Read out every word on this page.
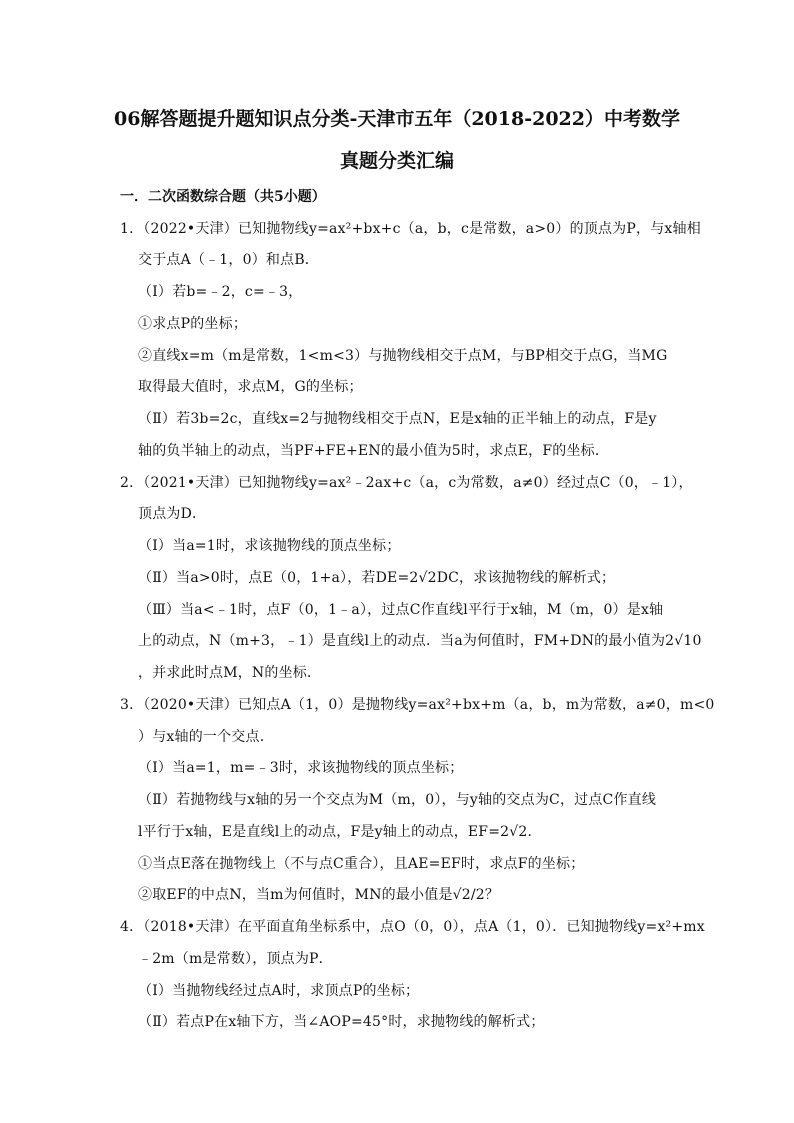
06解答题提升题知识点分类-天津市五年（2018-2022）中考数学
真题分类汇编
一．二次函数综合题（共5小题）
1．（2022•天津）已知抛物线y=ax²+bx+c（a，b，c是常数，a>0）的顶点为P，与x轴相
交于点A（﹣1，0）和点B．
（Ⅰ）若b=﹣2，c=﹣3，
①求点P的坐标；
②直线x=m（m是常数，1<m<3）与抛物线相交于点M，与BP相交于点G，当MG
取得最大值时，求点M，G的坐标；
（Ⅱ）若3b=2c，直线x=2与抛物线相交于点N，E是x轴的正半轴上的动点，F是y
轴的负半轴上的动点，当PF+FE+EN的最小值为5时，求点E，F的坐标．
2．（2021•天津）已知抛物线y=ax²﹣2ax+c（a，c为常数，a≠0）经过点C（0，﹣1），
顶点为D．
（Ⅰ）当a=1时，求该抛物线的顶点坐标；
（Ⅱ）当a>0时，点E（0，1+a），若DE=2√2DC，求该抛物线的解析式；
（Ⅲ）当a<﹣1时，点F（0，1﹣a），过点C作直线l平行于x轴，M（m，0）是x轴
上的动点，N（m+3，﹣1）是直线l上的动点．当a为何值时，FM+DN的最小值为2√10
，并求此时点M，N的坐标．
3．（2020•天津）已知点A（1，0）是抛物线y=ax²+bx+m（a，b，m为常数，a≠0，m<0
）与x轴的一个交点．
（Ⅰ）当a=1，m=﹣3时，求该抛物线的顶点坐标；
（Ⅱ）若抛物线与x轴的另一个交点为M（m，0），与y轴的交点为C，过点C作直线
l平行于x轴，E是直线l上的动点，F是y轴上的动点，EF=2√2．
①当点E落在抛物线上（不与点C重合），且AE=EF时，求点F的坐标；
②取EF的中点N，当m为何值时，MN的最小值是√2/2？
4．（2018•天津）在平面直角坐标系中，点O（0，0），点A（1，0）．已知抛物线y=x²+mx
﹣2m（m是常数），顶点为P．
（Ⅰ）当抛物线经过点A时，求顶点P的坐标；
（Ⅱ）若点P在x轴下方，当∠AOP=45°时，求抛物线的解析式；
